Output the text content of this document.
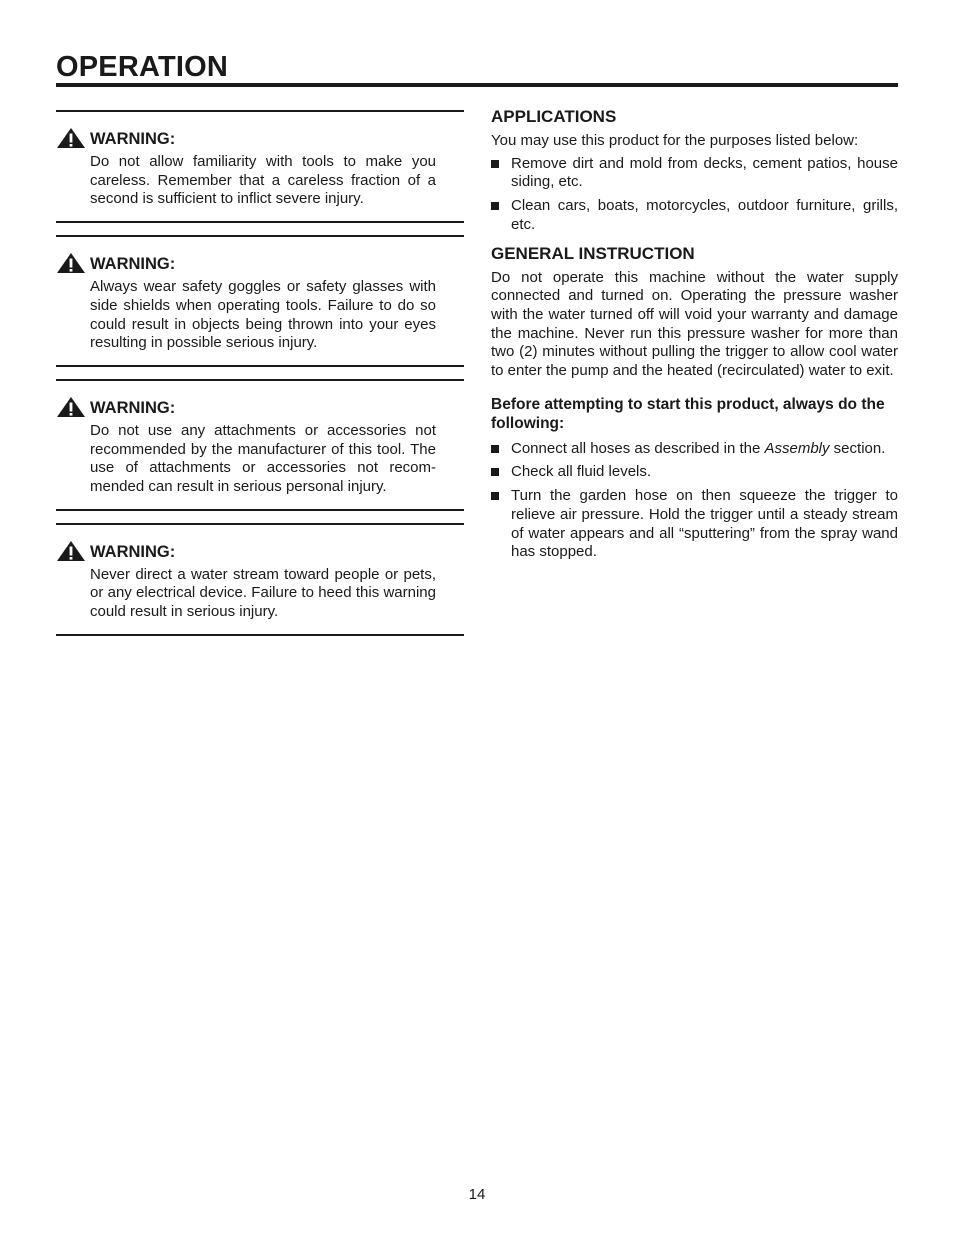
OPERATION
WARNING:

Do not allow familiarity with tools to make you careless. Remember that a careless fraction of a second is sufficient to inflict severe injury.

WARNING:

Always wear safety goggles or safety glasses with side shields when operating tools. Failure to do so could result in objects being thrown into your eyes resulting in possible serious injury.

WARNING:

Do not use any attachments or accessories not recommended by the manufacturer of this tool. The use of attachments or accessories not recom-mended can result in serious personal injury.

WARNING:

Never direct a water stream toward people or pets, or any electrical device. Failure to heed this warning could result in serious injury.

APPLICATIONS

You may use this product for the purposes listed below:

Remove dirt and mold from decks, cement patios, house siding, etc.
Clean cars, boats, motorcycles, outdoor furniture, grills, etc.
GENERAL INSTRUCTION

Do not operate this machine without the water supply connected and turned on. Operating the pressure washer with the water turned off will void your warranty and damage the machine. Never run this pressure washer for more than two (2) minutes without pulling the trigger to allow cool water to enter the pump and the heated (recirculated) water to exit.

Before attempting to start this product, always do the following:

Connect all hoses as described in the Assembly section.
Check all fluid levels.
Turn the garden hose on then squeeze the trigger to relieve air pressure. Hold the trigger until a steady stream of water appears and all “sputtering” from the spray wand has stopped.
14
